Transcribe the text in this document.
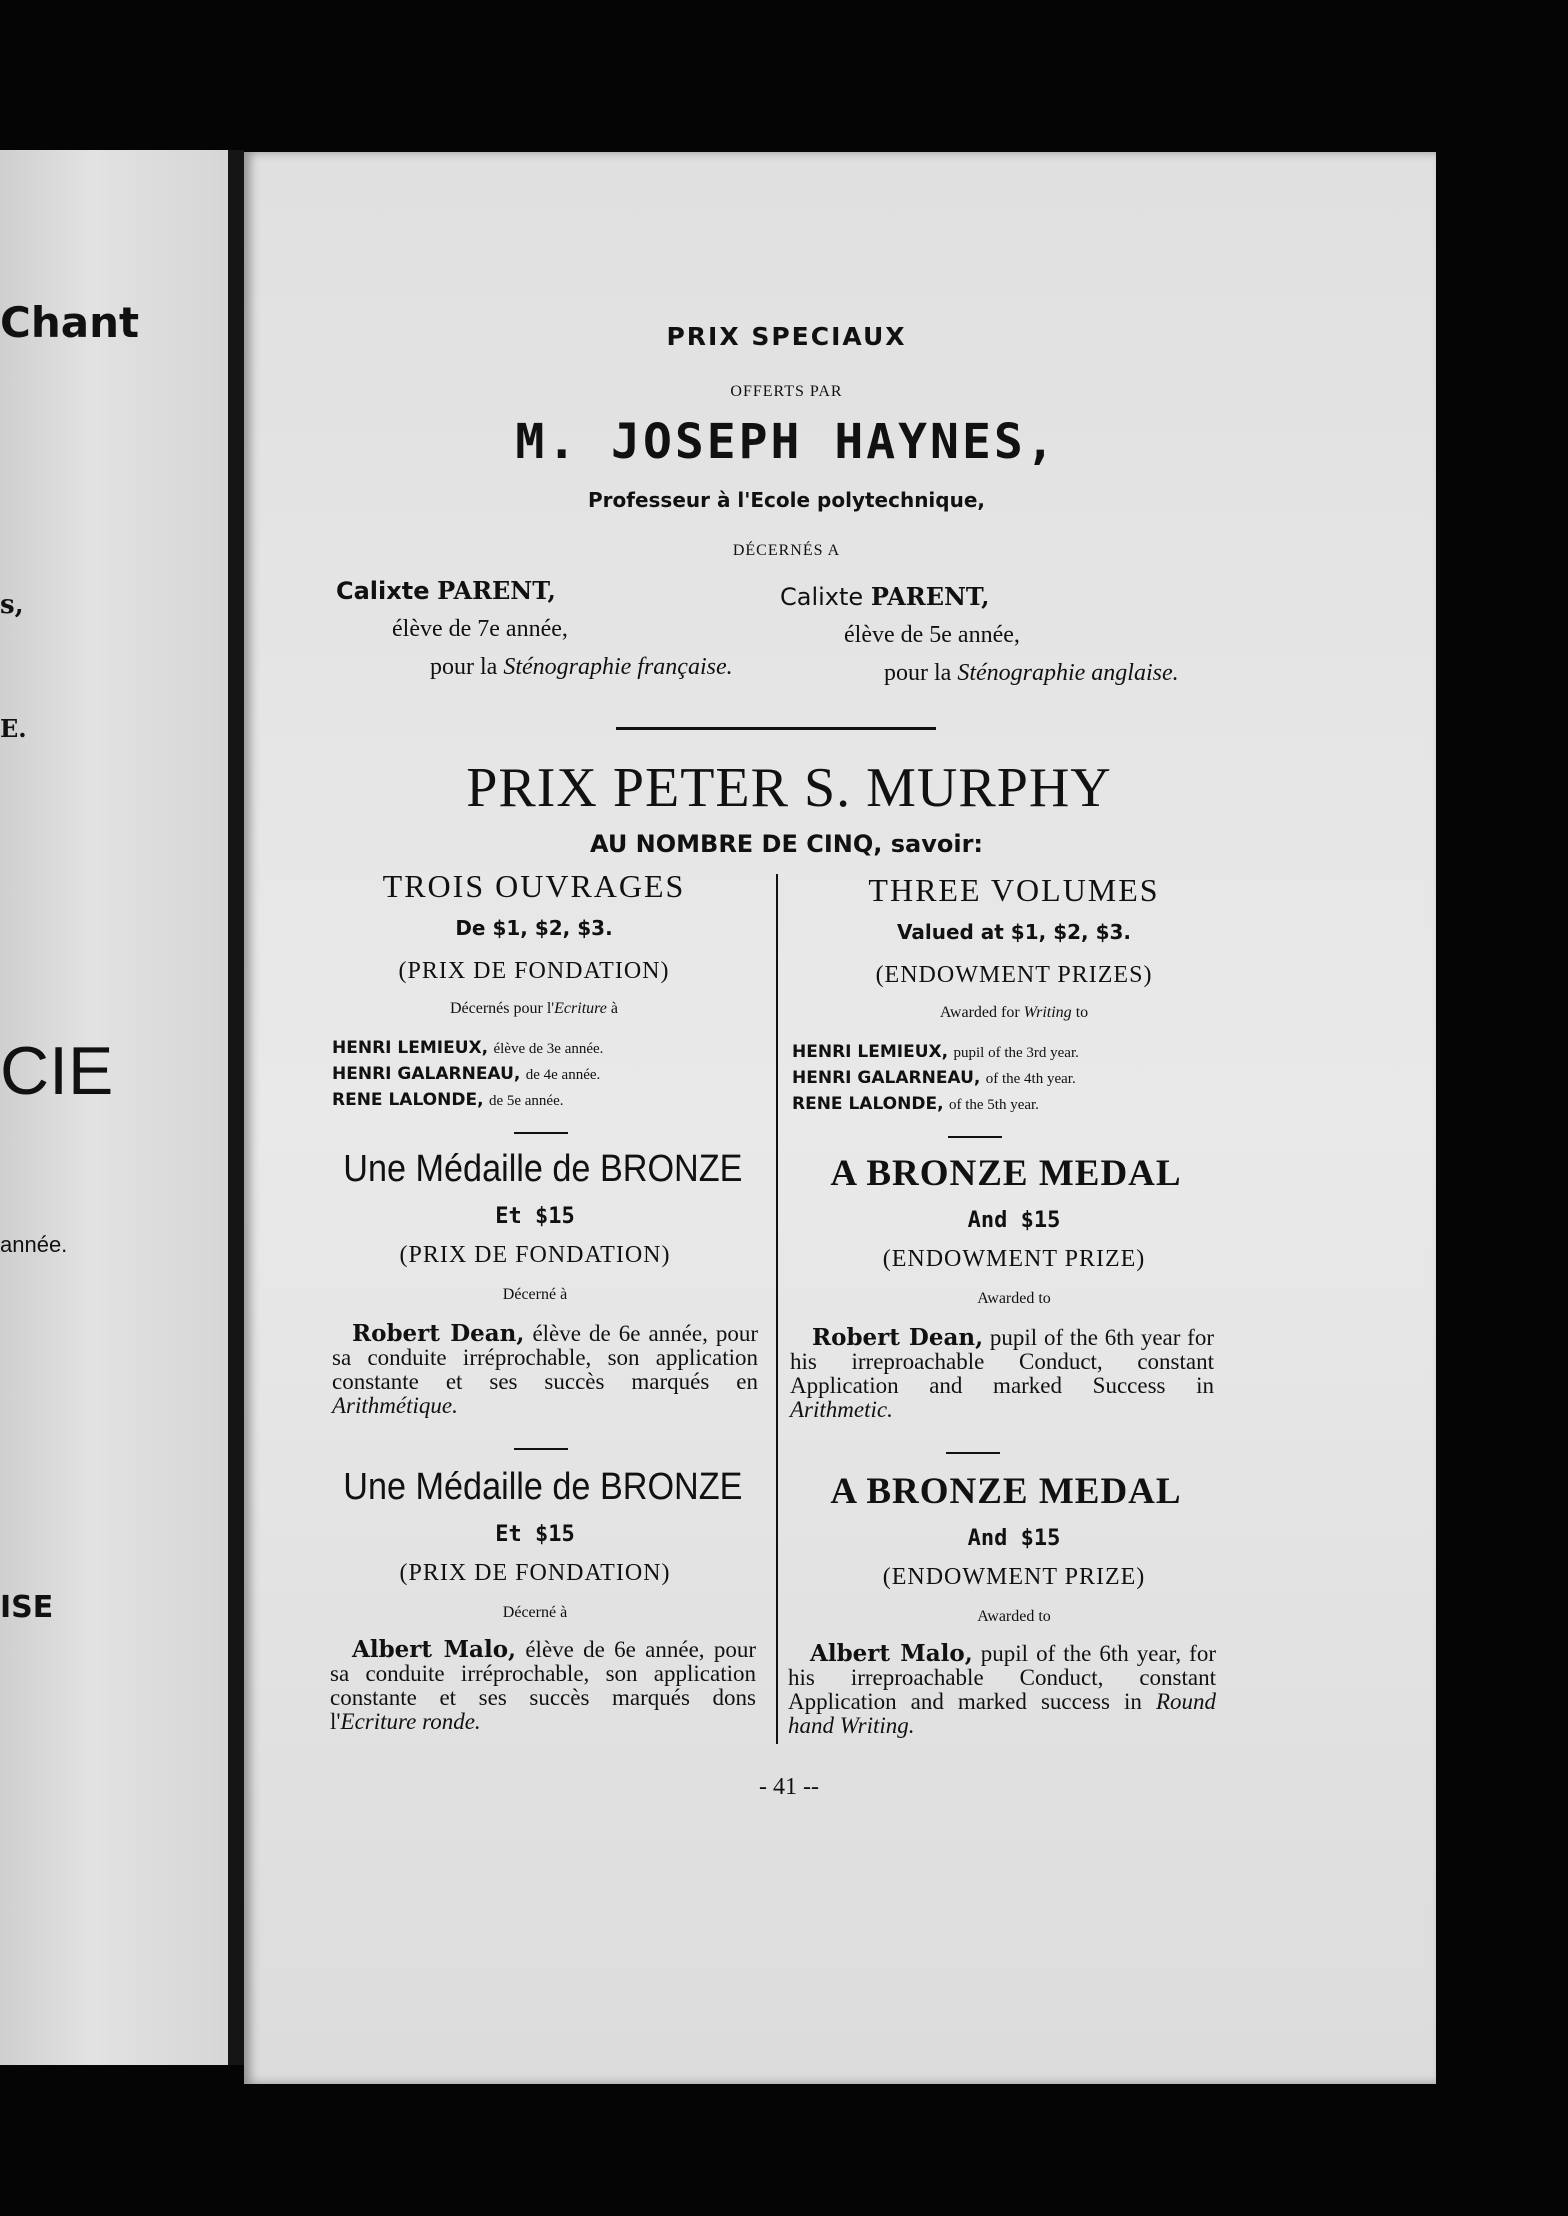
Chant
s,
E.
CIE
année.
ISE
PRIX SPECIAUX
OFFERTS PAR
M. JOSEPH HAYNES,
Professeur à l'Ecole polytechnique,
DÉCERNÉS A
Calixte PARENT,
élève de 7e année,
pour la Sténographie française.
Calixte PARENT,
élève de 5e année,
pour la Sténographie anglaise.
PRIX PETER S. MURPHY
AU NOMBRE DE CINQ, savoir:
TROIS OUVRAGES
De $1, $2, $3.
(PRIX DE FONDATION)
Décernés pour l'Ecriture à
HENRI LEMIEUX, élève de 3e année.
HENRI GALARNEAU, de 4e année.
RENE LALONDE, de 5e année.
THREE VOLUMES
Valued at $1, $2, $3.
(ENDOWMENT PRIZES)
Awarded for Writing to
HENRI LEMIEUX, pupil of the 3rd year.
HENRI GALARNEAU, of the 4th year.
RENE LALONDE, of the 5th year.
Une Médaille de BRONZE
Et $15
(PRIX DE FONDATION)
Décerné à
Robert Dean, élève de 6e année, pour sa conduite irréprochable, son application constante et ses succès marqués en Arithmétique.
A BRONZE MEDAL
And $15
(ENDOWMENT PRIZE)
Awarded to
Robert Dean, pupil of the 6th year for his irreproachable Conduct, constant Application and marked Success in Arithmetic.
Une Médaille de BRONZE
Et $15
(PRIX DE FONDATION)
Décerné à
Albert Malo, élève de 6e année, pour sa conduite irréprochable, son application constante et ses succès marqués dons l'Ecriture ronde.
A BRONZE MEDAL
And $15
(ENDOWMENT PRIZE)
Awarded to
Albert Malo, pupil of the 6th year, for his irreproachable Conduct, constant Application and marked success in Round hand Writing.
- 41 --
